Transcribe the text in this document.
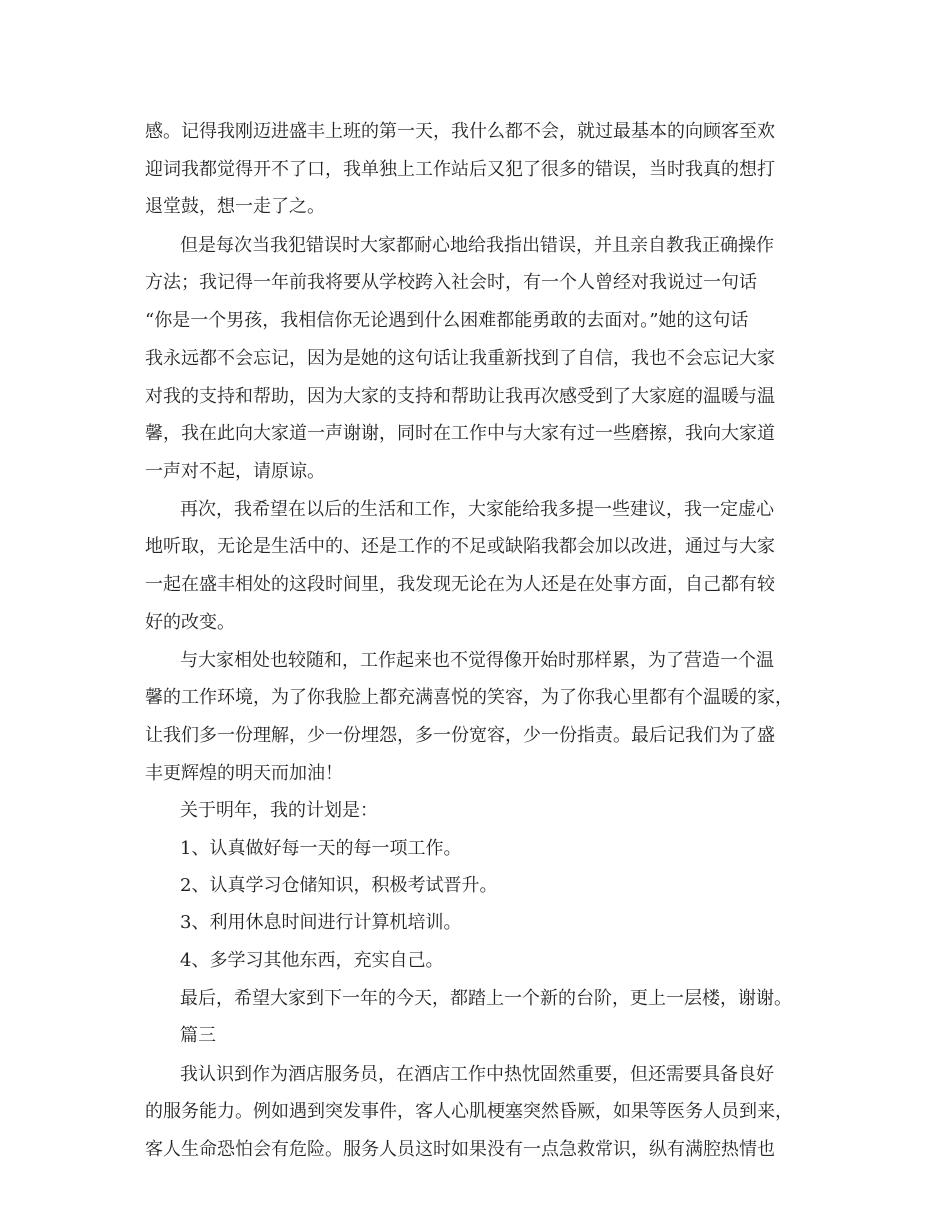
感。记得我刚迈进盛丰上班的第一天，我什么都不会，就过最基本的向顾客至欢
迎词我都觉得开不了口，我单独上工作站后又犯了很多的错误，当时我真的想打
退堂鼓，想一走了之。
但是每次当我犯错误时大家都耐心地给我指出错误，并且亲自教我正确操作
方法；我记得一年前我将要从学校跨入社会时，有一个人曾经对我说过一句话
“你是一个男孩，我相信你无论遇到什么困难都能勇敢的去面对。”她的这句话
我永远都不会忘记，因为是她的这句话让我重新找到了自信，我也不会忘记大家
对我的支持和帮助，因为大家的支持和帮助让我再次感受到了大家庭的温暖与温
馨，我在此向大家道一声谢谢，同时在工作中与大家有过一些磨擦，我向大家道
一声对不起，请原谅。
再次，我希望在以后的生活和工作，大家能给我多提一些建议，我一定虚心
地听取，无论是生活中的、还是工作的不足或缺陷我都会加以改进，通过与大家
一起在盛丰相处的这段时间里，我发现无论在为人还是在处事方面，自己都有较
好的改变。
与大家相处也较随和，工作起来也不觉得像开始时那样累，为了营造一个温
馨的工作环境，为了你我脸上都充满喜悦的笑容，为了你我心里都有个温暖的家，
让我们多一份理解，少一份埋怨，多一份宽容，少一份指责。最后记我们为了盛
丰更辉煌的明天而加油！
关于明年，我的计划是：
1、认真做好每一天的每一项工作。
2、认真学习仓储知识，积极考试晋升。
3、利用休息时间进行计算机培训。
4、多学习其他东西，充实自己。
最后，希望大家到下一年的今天，都踏上一个新的台阶，更上一层楼，谢谢。
篇三
我认识到作为酒店服务员，在酒店工作中热忱固然重要，但还需要具备良好
的服务能力。例如遇到突发事件，客人心肌梗塞突然昏厥，如果等医务人员到来，
客人生命恐怕会有危险。服务人员这时如果没有一点急救常识，纵有满腔热情也
